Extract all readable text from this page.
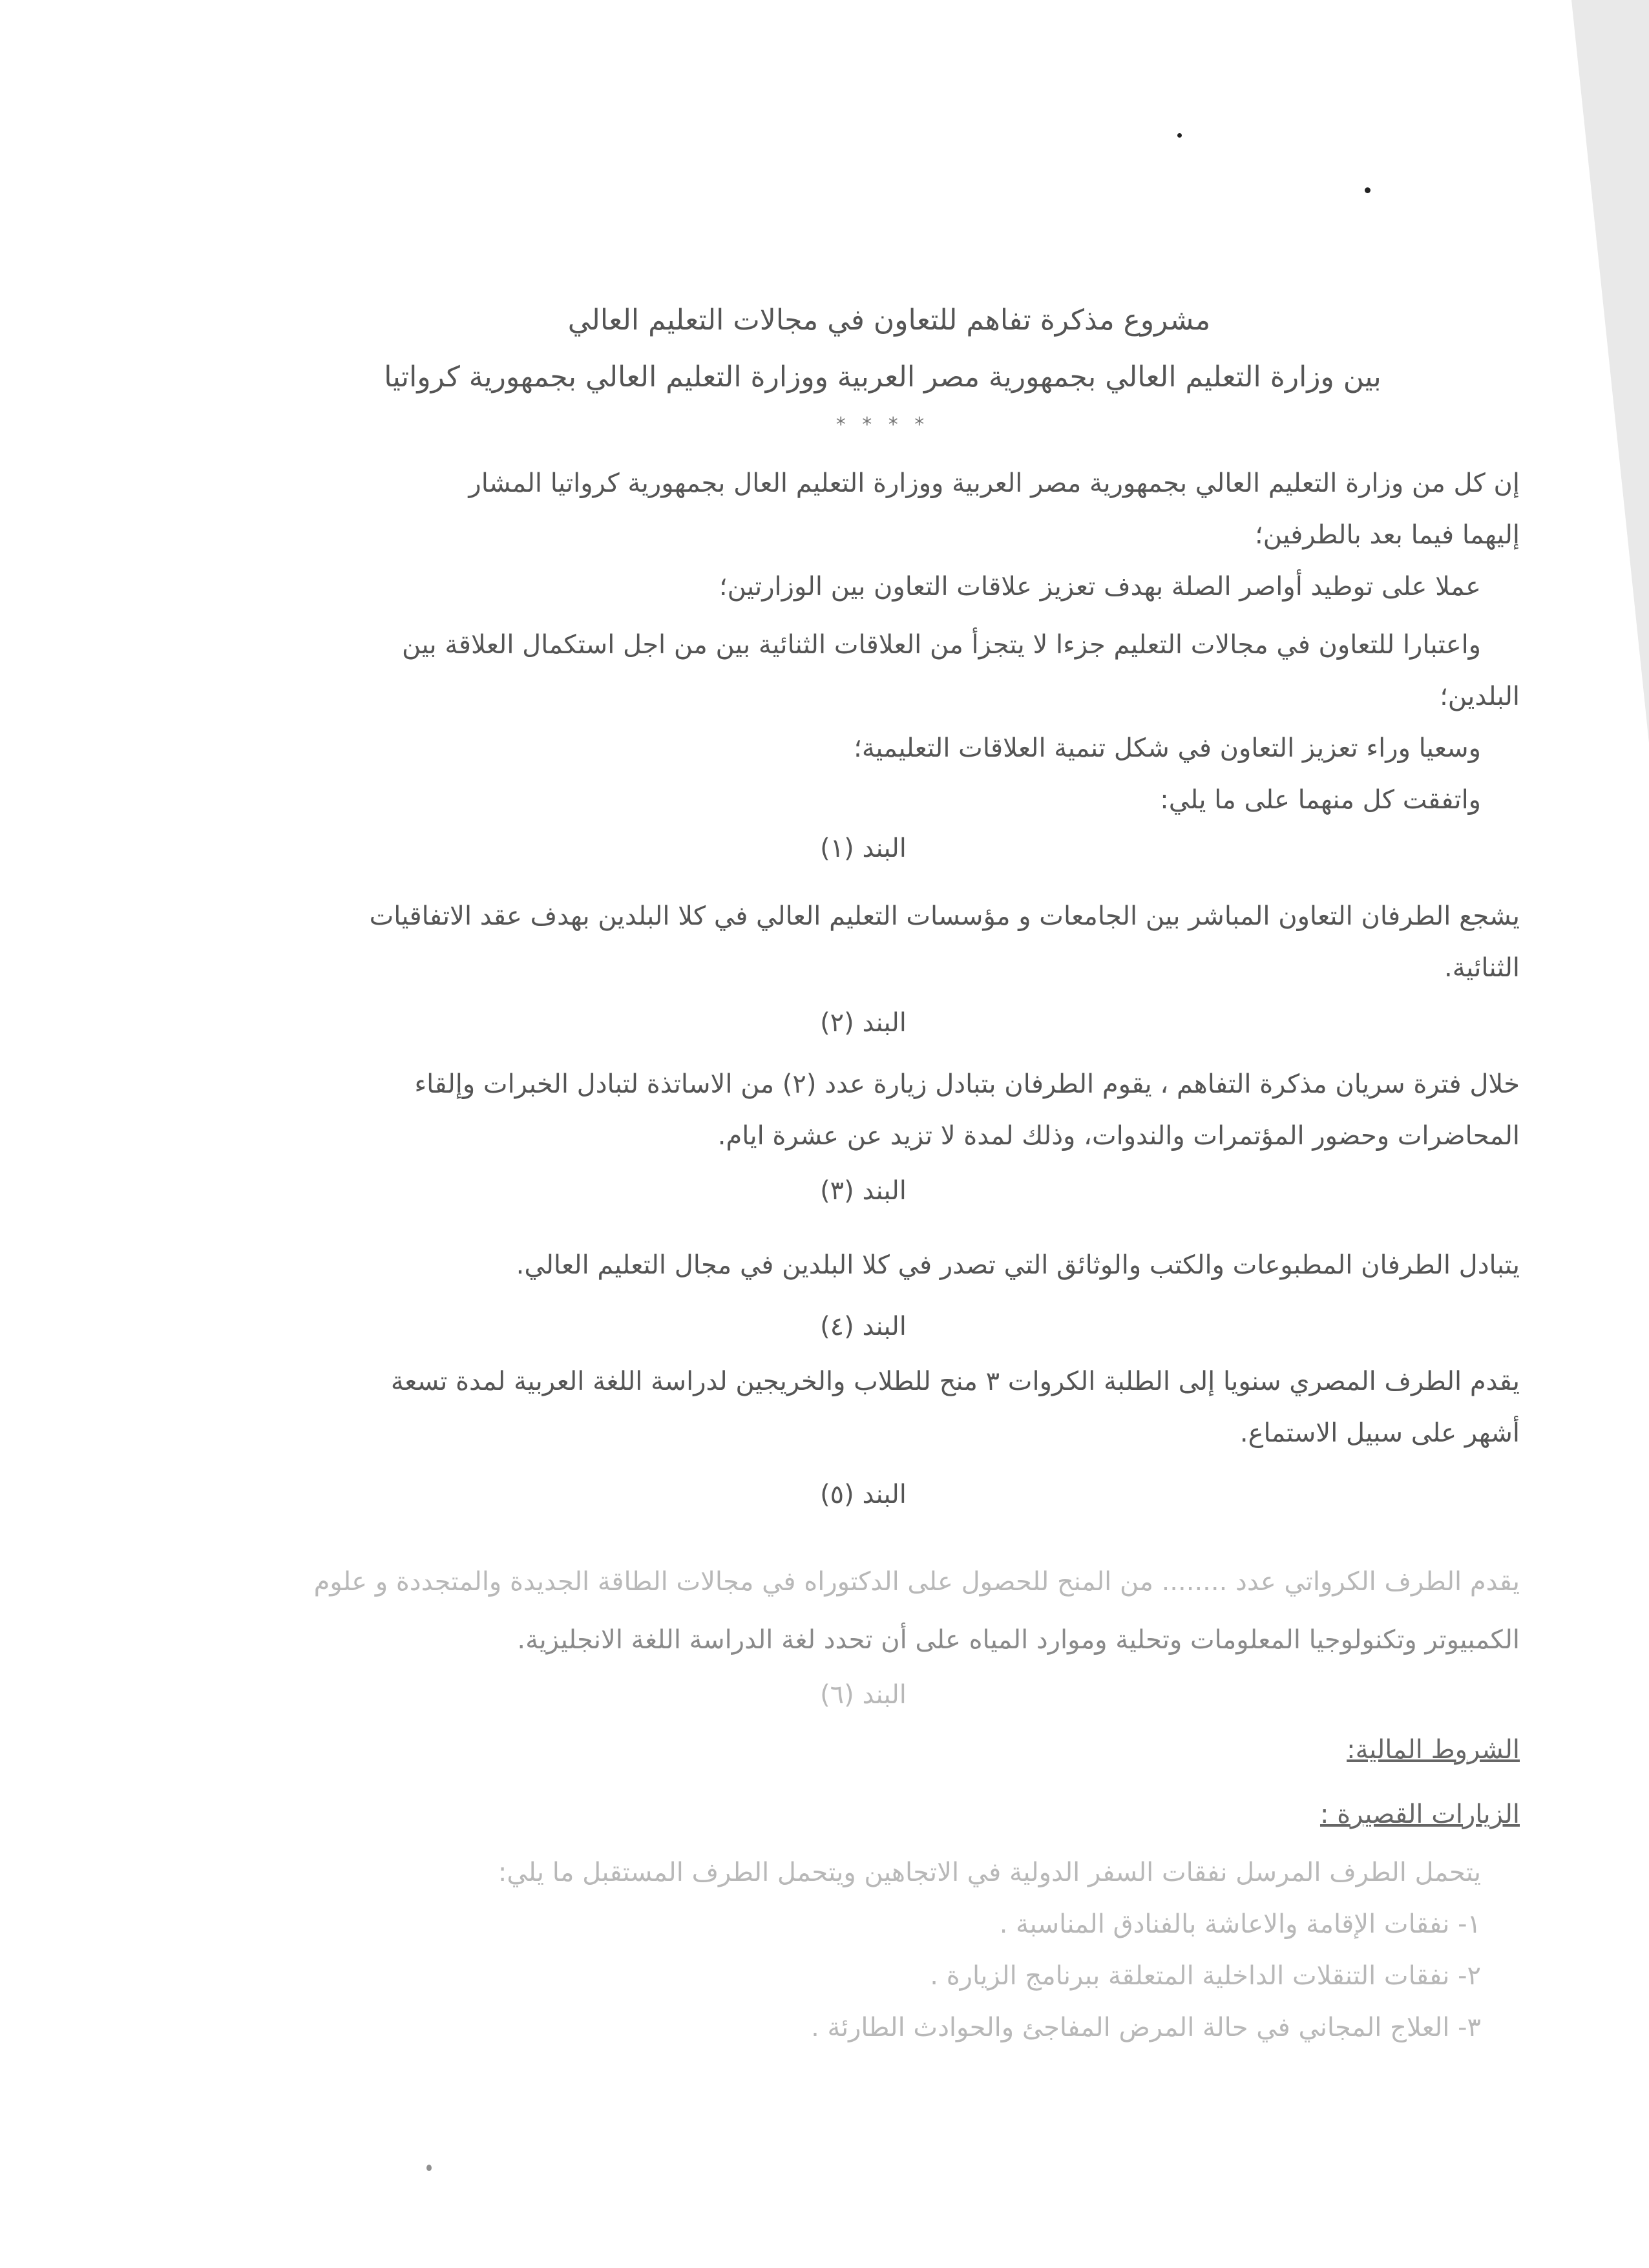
مشروع مذكرة تفاهم للتعاون في مجالات التعليم العالي
بين وزارة التعليم العالي بجمهورية مصر العربية ووزارة التعليم العالي بجمهورية كرواتيا
* * * *
إن كل من وزارة التعليم العالي بجمهورية مصر العربية ووزارة التعليم العال بجمهورية كرواتيا المشار
إليهما فيما بعد بالطرفين؛
عملا على توطيد أواصر الصلة بهدف تعزيز علاقات التعاون بين الوزارتين؛
واعتبارا للتعاون في مجالات التعليم جزءا لا يتجزأ من العلاقات الثنائية بين من اجل استكمال العلاقة بين
البلدين؛
وسعيا وراء تعزيز التعاون في شكل تنمية العلاقات التعليمية؛
واتفقت كل منهما على ما يلي:
البند (١)
يشجع الطرفان التعاون المباشر بين الجامعات و مؤسسات التعليم العالي في كلا البلدين بهدف عقد الاتفاقيات
الثنائية.
البند (٢)
خلال فترة سريان مذكرة التفاهم ، يقوم الطرفان بتبادل زيارة عدد (٢) من الاساتذة لتبادل الخبرات وإلقاء
المحاضرات وحضور المؤتمرات والندوات، وذلك لمدة لا تزيد عن عشرة ايام.
البند (٣)
يتبادل الطرفان المطبوعات والكتب والوثائق التي تصدر في كلا البلدين في مجال التعليم العالي.
البند (٤)
يقدم الطرف المصري سنويا إلى الطلبة الكروات ٣ منح للطلاب والخريجين لدراسة اللغة العربية لمدة تسعة
أشهر على سبيل الاستماع.
البند (٥)
يقدم الطرف الكرواتي عدد ........ من المنح للحصول على الدكتوراه في مجالات الطاقة الجديدة والمتجددة و علوم
الكمبيوتر وتكنولوجيا المعلومات وتحلية وموارد المياه على أن تحدد لغة الدراسة اللغة الانجليزية.
البند (٦)
الشروط المالية:
الزيارات القصيرة :
يتحمل الطرف المرسل نفقات السفر الدولية في الاتجاهين ويتحمل الطرف المستقبل ما يلي:
١- نفقات الإقامة والاعاشة بالفنادق المناسبة .
٢- نفقات التنقلات الداخلية المتعلقة ببرنامج الزيارة .
٣- العلاج المجاني في حالة المرض المفاجئ والحوادث الطارئة .
